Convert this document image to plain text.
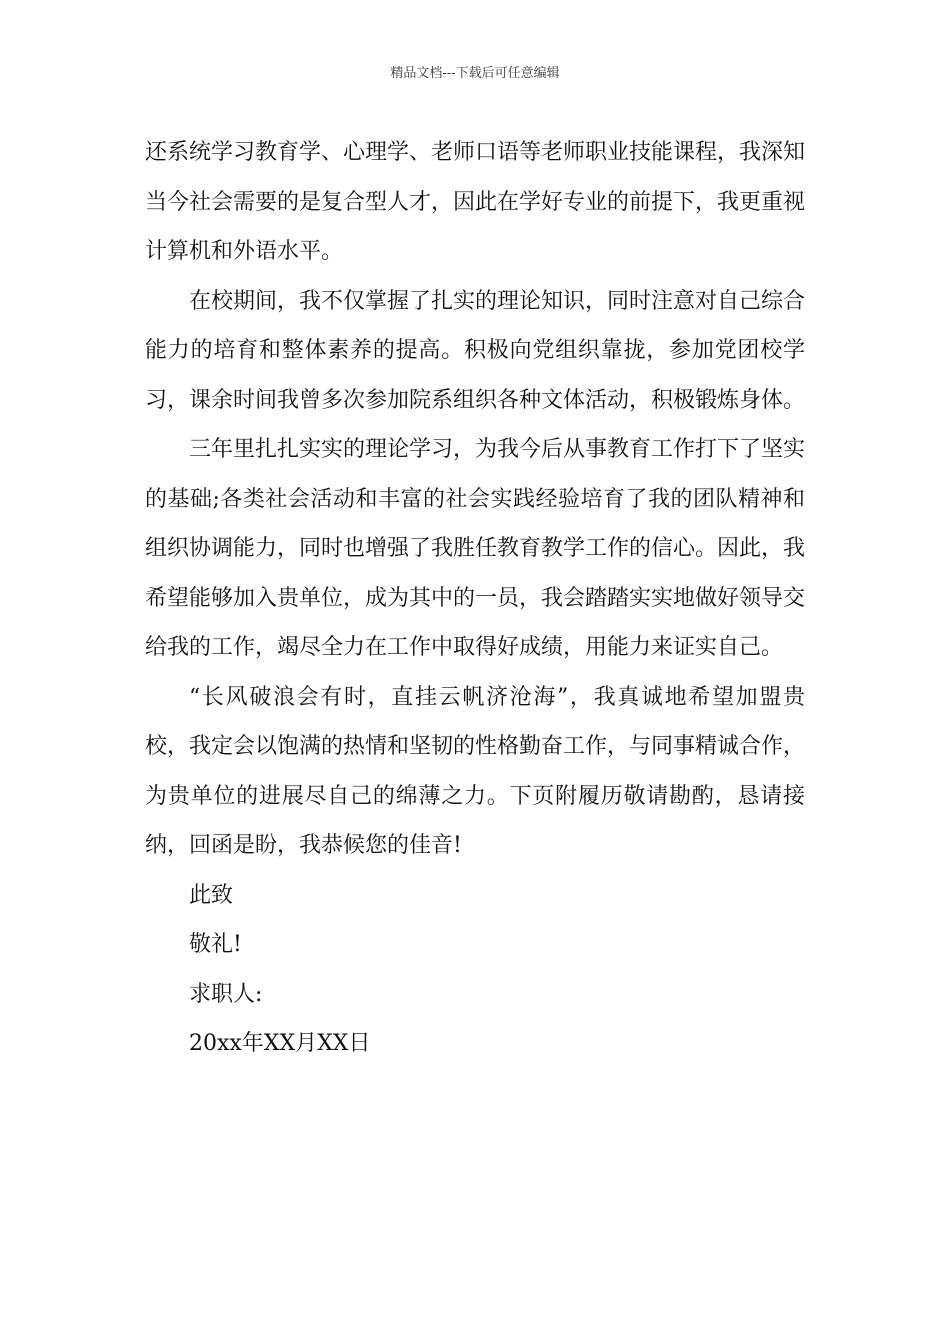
精品文档---下载后可任意编辑

还系统学习教育学、心理学、老师口语等老师职业技能课程，我深知当今社会需要的是复合型人才，因此在学好专业的前提下，我更重视计算机和外语水平。

在校期间，我不仅掌握了扎实的理论知识，同时注意对自己综合能力的培育和整体素养的提高。积极向党组织靠拢，参加党团校学习，课余时间我曾多次参加院系组织各种文体活动，积极锻炼身体。

三年里扎扎实实的理论学习，为我今后从事教育工作打下了坚实的基础;各类社会活动和丰富的社会实践经验培育了我的团队精神和组织协调能力，同时也增强了我胜任教育教学工作的信心。因此，我希望能够加入贵单位，成为其中的一员，我会踏踏实实地做好领导交给我的工作，竭尽全力在工作中取得好成绩，用能力来证实自己。

“长风破浪会有时，直挂云帆济沧海”，我真诚地希望加盟贵校，我定会以饱满的热情和坚韧的性格勤奋工作，与同事精诚合作，为贵单位的进展尽自己的绵薄之力。下页附履历敬请勘酌，恳请接纳，回函是盼，我恭候您的佳音!

此致

敬礼!

求职人:

20xx年XX月XX日
